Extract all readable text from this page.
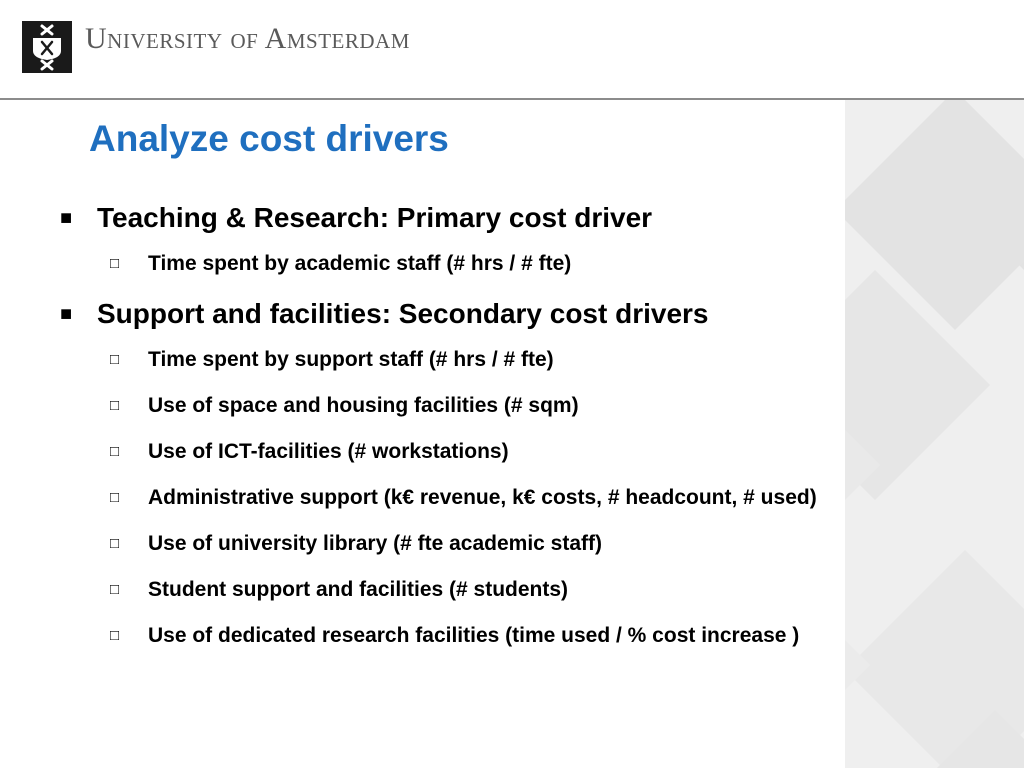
University of Amsterdam
Analyze cost drivers
■ Teaching & Research: Primary cost driver
□ Time spent by academic staff (# hrs / # fte)
■ Support and facilities: Secondary cost drivers
□ Time spent by support staff (# hrs / # fte)
□ Use of space and housing facilities (# sqm)
□ Use of ICT-facilities (# workstations)
□ Administrative support (k€ revenue, k€ costs, # headcount, # used)
□ Use of university library (# fte academic staff)
□ Student support and facilities (# students)
□ Use of dedicated research facilities (time used / % cost increase )
